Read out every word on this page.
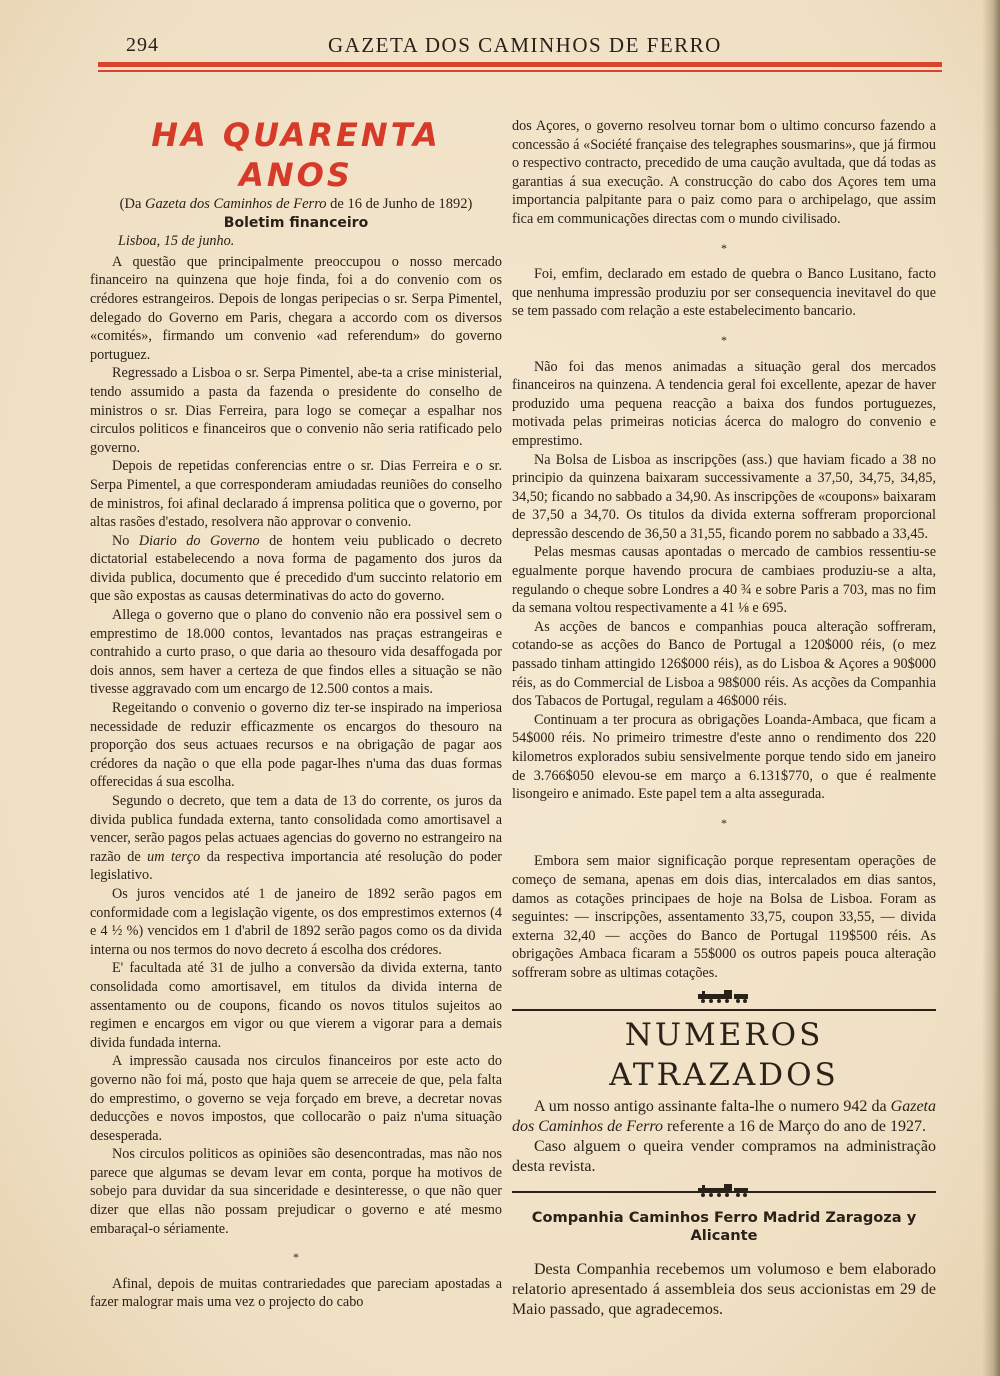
294	GAZETA DOS CAMINHOS DE FERRO
HA QUARENTA ANOS

(Da Gazeta dos Caminhos de Ferro de 16 de Junho de 1892)

Boletim financeiro

Lisboa, 15 de junho.

A questão que principalmente preoccupou o nosso mercado financeiro na quinzena que hoje finda, foi a do convenio com os crédores estrangeiros. Depois de longas peripecias o sr. Serpa Pimentel, delegado do Governo em Paris, chegara a accordo com os diversos «comités», firmando um convenio «ad referendum» do governo portuguez.

Regressado a Lisboa o sr. Serpa Pimentel, abe-ta a crise ministerial, tendo assumido a pasta da fazenda o presidente do conselho de ministros o sr. Dias Ferreira, para logo se começar a espalhar nos circulos politicos e financeiros que o convenio não seria ratificado pelo governo.

Depois de repetidas conferencias entre o sr. Dias Ferreira e o sr. Serpa Pimentel, a que corresponderam amiudadas reuniões do conselho de ministros, foi afinal declarado á imprensa politica que o governo, por altas rasões d'estado, resolvera não approvar o convenio.

No Diario do Governo de hontem veiu publicado o decreto dictatorial estabelecendo a nova forma de pagamento dos juros da divida publica, documento que é precedido d'um succinto relatorio em que são expostas as causas determinativas do acto do governo.

Allega o governo que o plano do convenio não era possivel sem o emprestimo de 18.000 contos, levantados nas praças estrangeiras e contrahido a curto praso, o que daria ao thesouro vida desaffogada por dois annos, sem haver a certeza de que findos elles a situação se não tivesse aggravado com um encargo de 12.500 contos a mais.

Regeitando o convenio o governo diz ter-se inspirado na imperiosa necessidade de reduzir efficazmente os encargos do thesouro na proporção dos seus actuaes recursos e na obrigação de pagar aos crédores da nação o que ella pode pagar-lhes n'uma das duas formas offerecidas á sua escolha.

Segundo o decreto, que tem a data de 13 do corrente, os juros da divida publica fundada externa, tanto consolidada como amortisavel a vencer, serão pagos pelas actuaes agencias do governo no estrangeiro na razão de um terço da respectiva importancia até resolução do poder legislativo.

Os juros vencidos até 1 de janeiro de 1892 serão pagos em conformidade com a legislação vigente, os dos emprestimos externos (4 e 4 ½ %) vencidos em 1 d'abril de 1892 serão pagos como os da divida interna ou nos termos do novo decreto á escolha dos crédores.

E' facultada até 31 de julho a conversão da divida externa, tanto consolidada como amortisavel, em titulos da divida interna de assentamento ou de coupons, ficando os novos titulos sujeitos ao regimen e encargos em vigor ou que vierem a vigorar para a demais divida fundada interna.

A impressão causada nos circulos financeiros por este acto do governo não foi má, posto que haja quem se arreceie de que, pela falta do emprestimo, o governo se veja forçado em breve, a decretar novas deducções e novos impostos, que collocarão o paiz n'uma situação desesperada.

Nos circulos politicos as opiniões são desencontradas, mas não nos parece que algumas se devam levar em conta, porque ha motivos de sobejo para duvidar da sua sinceridade e desinteresse, o que não quer dizer que ellas não possam prejudicar o governo e até mesmo embaraçal-o sériamente.

*

Afinal, depois de muitas contrariedades que pareciam apostadas a fazer malograr mais uma vez o projecto do cabo

dos Açores, o governo resolveu tornar bom o ultimo concurso fazendo a concessão á «Société française des telegraphes sousmarins», que já firmou o respectivo contracto, precedido de uma caução avultada, que dá todas as garantias á sua execução. A construcção do cabo dos Açores tem uma importancia palpitante para o paiz como para o archipelago, que assim fica em communicações directas com o mundo civilisado.

*

Foi, emfim, declarado em estado de quebra o Banco Lusitano, facto que nenhuma impressão produziu por ser consequencia inevitavel do que se tem passado com relação a este estabelecimento bancario.

*

Não foi das menos animadas a situação geral dos mercados financeiros na quinzena. A tendencia geral foi excellente, apezar de haver produzido uma pequena reacção a baixa dos fundos portuguezes, motivada pelas primeiras noticias ácerca do malogro do convenio e emprestimo.

Na Bolsa de Lisboa as inscripções (ass.) que haviam ficado a 38 no principio da quinzena baixaram successivamente a 37,50, 34,75, 34,85, 34,50; ficando no sabbado a 34,90. As inscripções de «coupons» baixaram de 37,50 a 34,70. Os titulos da divida externa soffreram proporcional depressão descendo de 36,50 a 31,55, ficando porem no sabbado a 33,45.

Pelas mesmas causas apontadas o mercado de cambios ressentiu-se egualmente porque havendo procura de cambiaes produziu-se a alta, regulando o cheque sobre Londres a 40 ¾ e sobre Paris a 703, mas no fim da semana voltou respectivamente a 41 ⅛ e 695.

As acções de bancos e companhias pouca alteração soffreram, cotando-se as acções do Banco de Portugal a 120$000 réis, (o mez passado tinham attingido 126$000 réis), as do Lisboa & Açores a 90$000 réis, as do Commercial de Lisboa a 98$000 réis. As acções da Companhia dos Tabacos de Portugal, regulam a 46$000 réis.

Continuam a ter procura as obrigações Loanda-Ambaca, que ficam a 54$000 réis. No primeiro trimestre d'este anno o rendimento dos 220 kilometros explorados subiu sensivelmente porque tendo sido em janeiro de 3.766$050 elevou-se em março a 6.131$770, o que é realmente lisongeiro e animado. Este papel tem a alta assegurada.

*

Embora sem maior significação porque representam operações de começo de semana, apenas em dois dias, intercalados em dias santos, damos as cotações principaes de hoje na Bolsa de Lisboa. Foram as seguintes: — inscripções, assentamento 33,75, coupon 33,55, — divida externa 32,40 — acções do Banco de Portugal 119$500 réis. As obrigações Ambaca ficaram a 55$000 os outros papeis pouca alteração soffreram sobre as ultimas cotações.

NUMEROS ATRAZADOS

A um nosso antigo assinante falta-lhe o numero 942 da Gazeta dos Caminhos de Ferro referente a 16 de Março do ano de 1927.

Caso alguem o queira vender compramos na administração desta revista.

Companhia Caminhos Ferro Madrid Zaragoza y Alicante

Desta Companhia recebemos um volumoso e bem elaborado relatorio apresentado á assembleia dos seus accionistas em 29 de Maio passado, que agradecemos.
